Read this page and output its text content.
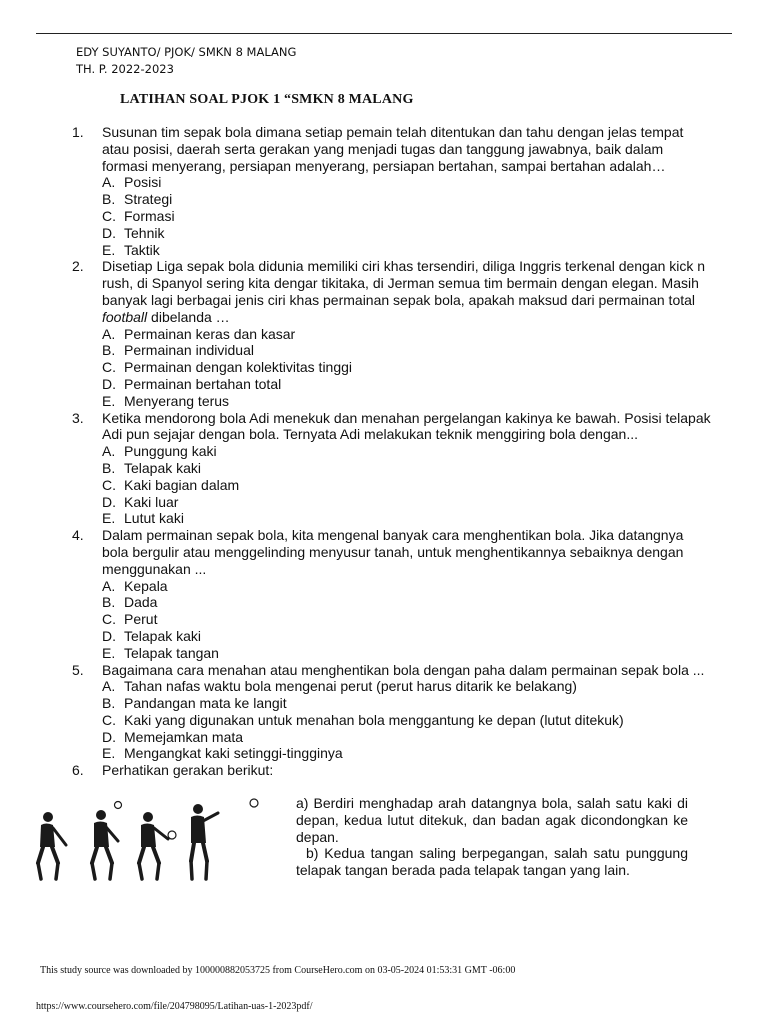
EDY SUYANTO/ PJOK/ SMKN 8 MALANG
TH. P. 2022-2023
LATIHAN SOAL PJOK 1 “SMKN 8 MALANG
1.	Susunan tim sepak bola dimana setiap pemain telah ditentukan dan tahu dengan jelas tempat atau posisi, daerah serta gerakan yang menjadi tugas dan tanggung jawabnya, baik dalam formasi menyerang, persiapan menyerang, persiapan bertahan, sampai bertahan adalah…
A. Posisi
B. Strategi
C. Formasi
D. Tehnik
E. Taktik
2.	Disetiap Liga sepak bola didunia memiliki ciri khas tersendiri, diliga Inggris terkenal dengan kick n rush, di Spanyol sering kita dengar tikitaka, di Jerman semua tim bermain dengan elegan. Masih banyak lagi berbagai jenis ciri khas permainan sepak bola, apakah maksud dari permainan total football dibelanda …
A. Permainan keras dan kasar
B. Permainan individual
C. Permainan dengan kolektivitas tinggi
D. Permainan bertahan total
E. Menyerang terus
3.	Ketika mendorong bola Adi menekuk dan menahan pergelangan kakinya ke bawah. Posisi telapak Adi pun sejajar dengan bola. Ternyata Adi melakukan teknik menggiring bola dengan...
A. Punggung kaki
B. Telapak kaki
C. Kaki bagian dalam
D. Kaki luar
E. Lutut kaki
4.	Dalam permainan sepak bola, kita mengenal banyak cara menghentikan bola. Jika datangnya bola bergulir atau menggelinding menyusur tanah, untuk menghentikannya sebaiknya dengan menggunakan ...
A. Kepala
B. Dada
C. Perut
D. Telapak kaki
E. Telapak tangan
5.	Bagaimana cara menahan atau menghentikan bola dengan paha dalam permainan sepak bola ...
A. Tahan nafas waktu bola mengenai perut (perut harus ditarik ke belakang)
B. Pandangan mata ke langit
C. Kaki yang digunakan untuk menahan bola menggantung ke depan (lutut ditekuk)
D. Memejamkan mata
E. Mengangkat kaki setinggi-tingginya
6.	Perhatikan gerakan berikut:

a) Berdiri menghadap arah datangnya bola, salah satu kaki di depan, kedua lutut ditekuk, dan badan agak dicondongkan ke depan.

b) Kedua tangan saling berpegangan, salah satu punggung telapak tangan berada pada telapak tangan yang lain.

This study source was downloaded by 100000882053725 from CourseHero.com on 03-05-2024 01:53:31 GMT -06:00
https://www.coursehero.com/file/204798095/Latihan-uas-1-2023pdf/
